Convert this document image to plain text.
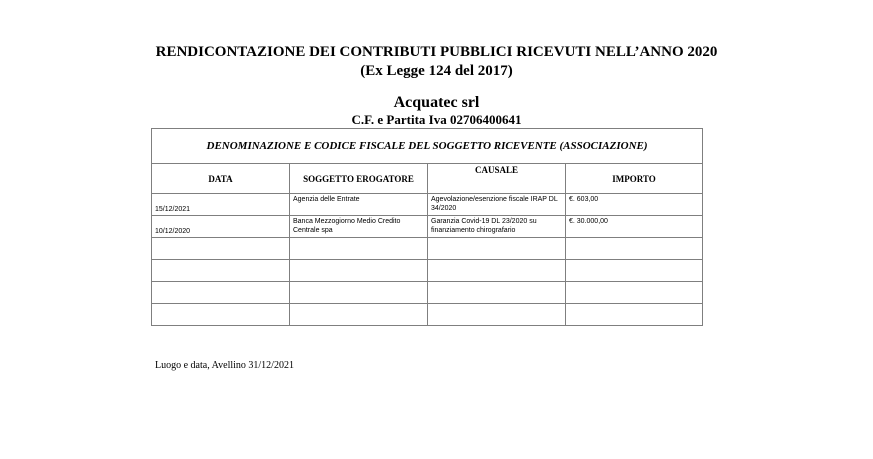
RENDICONTAZIONE DEI CONTRIBUTI PUBBLICI RICEVUTI NELL’ANNO 2020
(Ex Legge 124 del 2017)
Acquatec srl
C.F. e Partita Iva 02706400641
DENOMINAZIONE E CODICE FISCALE DEL SOGGETTO RICEVENTE (ASSOCIAZIONE)			
DATA	SOGGETTO EROGATORE	CAUSALE	IMPORTO
15/12/2021	Agenzia delle Entrate	Agevolazione/esenzione fiscale IRAP DL 34/2020	€. 603,00
10/12/2020	Banca Mezzogiorno Medio Credito Centrale spa	Garanzia Covid-19 DL 23/2020 su finanziamento chirografario	€. 30.000,00

Luogo e data, Avellino 31/12/2021
